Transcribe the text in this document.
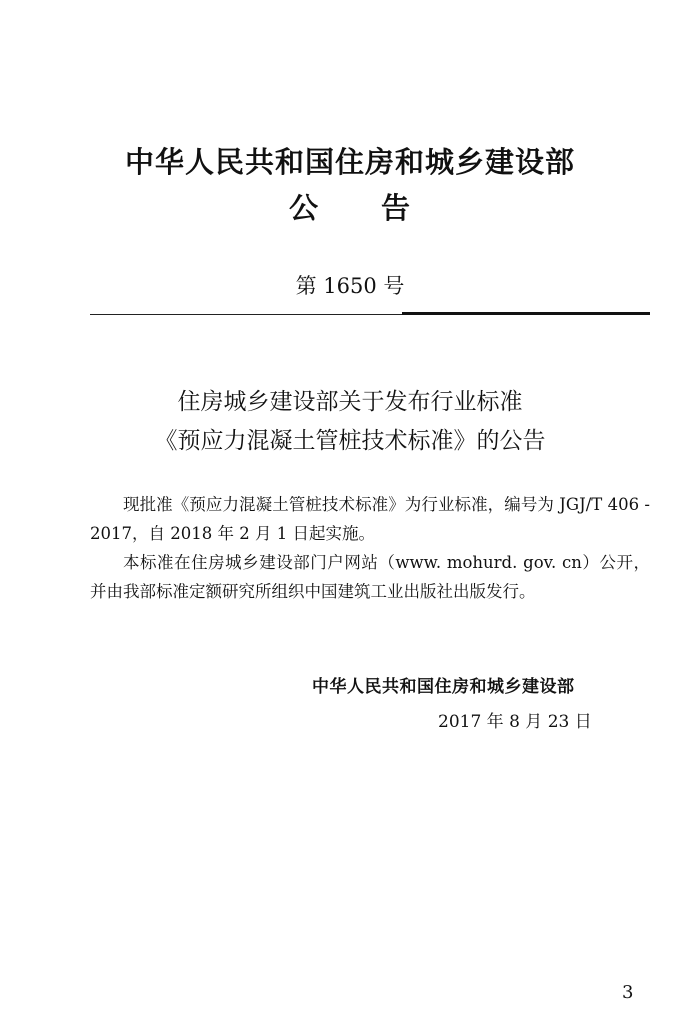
中华人民共和国住房和城乡建设部
公 告
第 1650 号
住房城乡建设部关于发布行业标准
《预应力混凝土管桩技术标准》的公告

现批准《预应力混凝土管桩技术标准》为行业标准，编号为 JGJ/T 406 - 2017，自 2018 年 2 月 1 日起实施。

本标准在住房城乡建设部门户网站（www. mohurd. gov. cn）公开，并由我部标准定额研究所组织中国建筑工业出版社出版发行。

中华人民共和国住房和城乡建设部
2017 年 8 月 23 日
3
